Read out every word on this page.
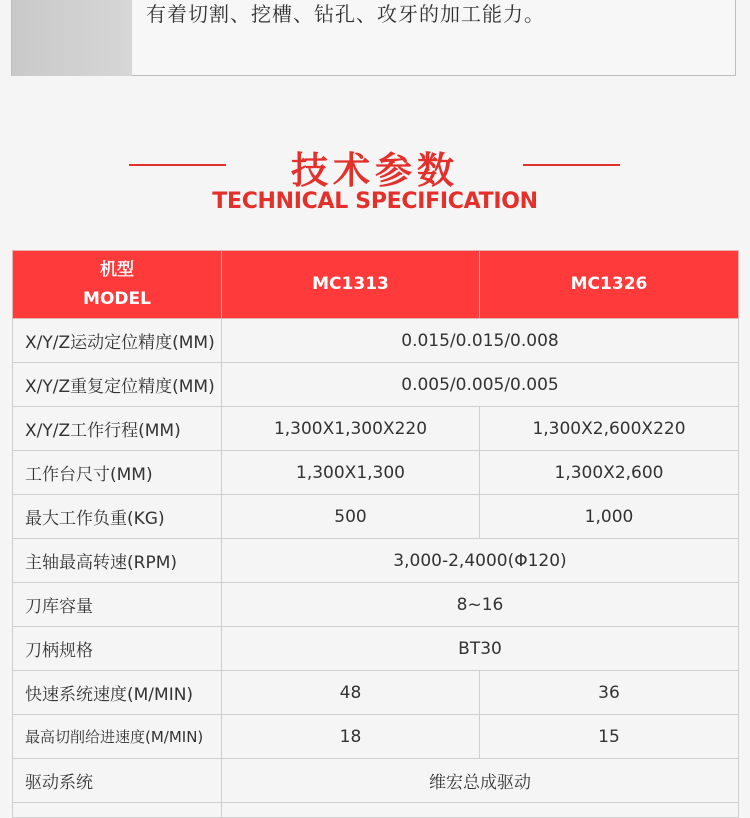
有着切割、挖槽、钻孔、攻牙的加工能力。
技术参数
TECHNICAL SPECIFICATION
机型
MODEL	MC1313	MC1326
X/Y/Z运动定位精度(MM)	0.015/0.015/0.008	
X/Y/Z重复定位精度(MM)	0.005/0.005/0.005	
X/Y/Z工作行程(MM)	1,300X1,300X220	1,300X2,600X220
工作台尺寸(MM)	1,300X1,300	1,300X2,600
最大工作负重(KG)	500	1,000
主轴最高转速(RPM)	3,000-2,4000(Φ120)	
刀库容量	8~16	
刀柄规格	BT30	
快速系统速度(M/MIN)	48	36
最高切削给进速度(M/MIN)	18	15
驱动系统	维宏总成驱动	
